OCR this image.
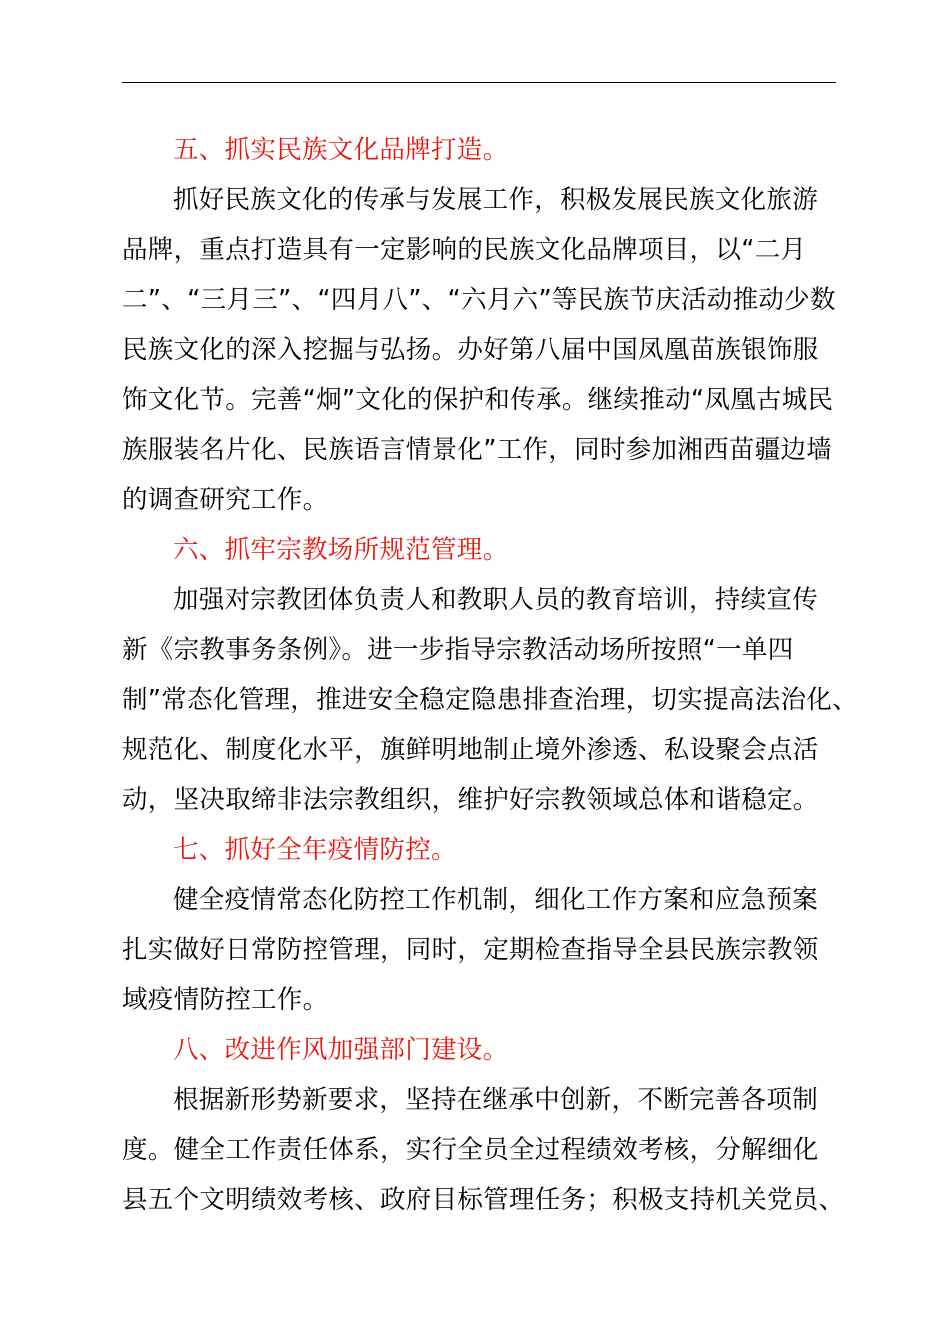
五、抓实民族文化品牌打造。
抓好民族文化的传承与发展工作，积极发展民族文化旅游
品牌，重点打造具有一定影响的民族文化品牌项目，以“二月
二”、“三月三”、“四月八”、“六月六”等民族节庆活动推动少数
民族文化的深入挖掘与弘扬。办好第八届中国凤凰苗族银饰服
饰文化节。完善“炯”文化的保护和传承。继续推动“凤凰古城民
族服装名片化、民族语言情景化”工作，同时参加湘西苗疆边墙
的调查研究工作。
六、抓牢宗教场所规范管理。
加强对宗教团体负责人和教职人员的教育培训，持续宣传
新《宗教事务条例》。进一步指导宗教活动场所按照“一单四
制”常态化管理，推进安全稳定隐患排查治理，切实提高法治化、
规范化、制度化水平，旗鲜明地制止境外渗透、私设聚会点活
动，坚决取缔非法宗教组织，维护好宗教领域总体和谐稳定。
七、抓好全年疫情防控。
健全疫情常态化防控工作机制，细化工作方案和应急预案
扎实做好日常防控管理，同时，定期检查指导全县民族宗教领
域疫情防控工作。
八、改进作风加强部门建设。
根据新形势新要求，坚持在继承中创新，不断完善各项制
度。健全工作责任体系，实行全员全过程绩效考核，分解细化
县五个文明绩效考核、政府目标管理任务；积极支持机关党员、
